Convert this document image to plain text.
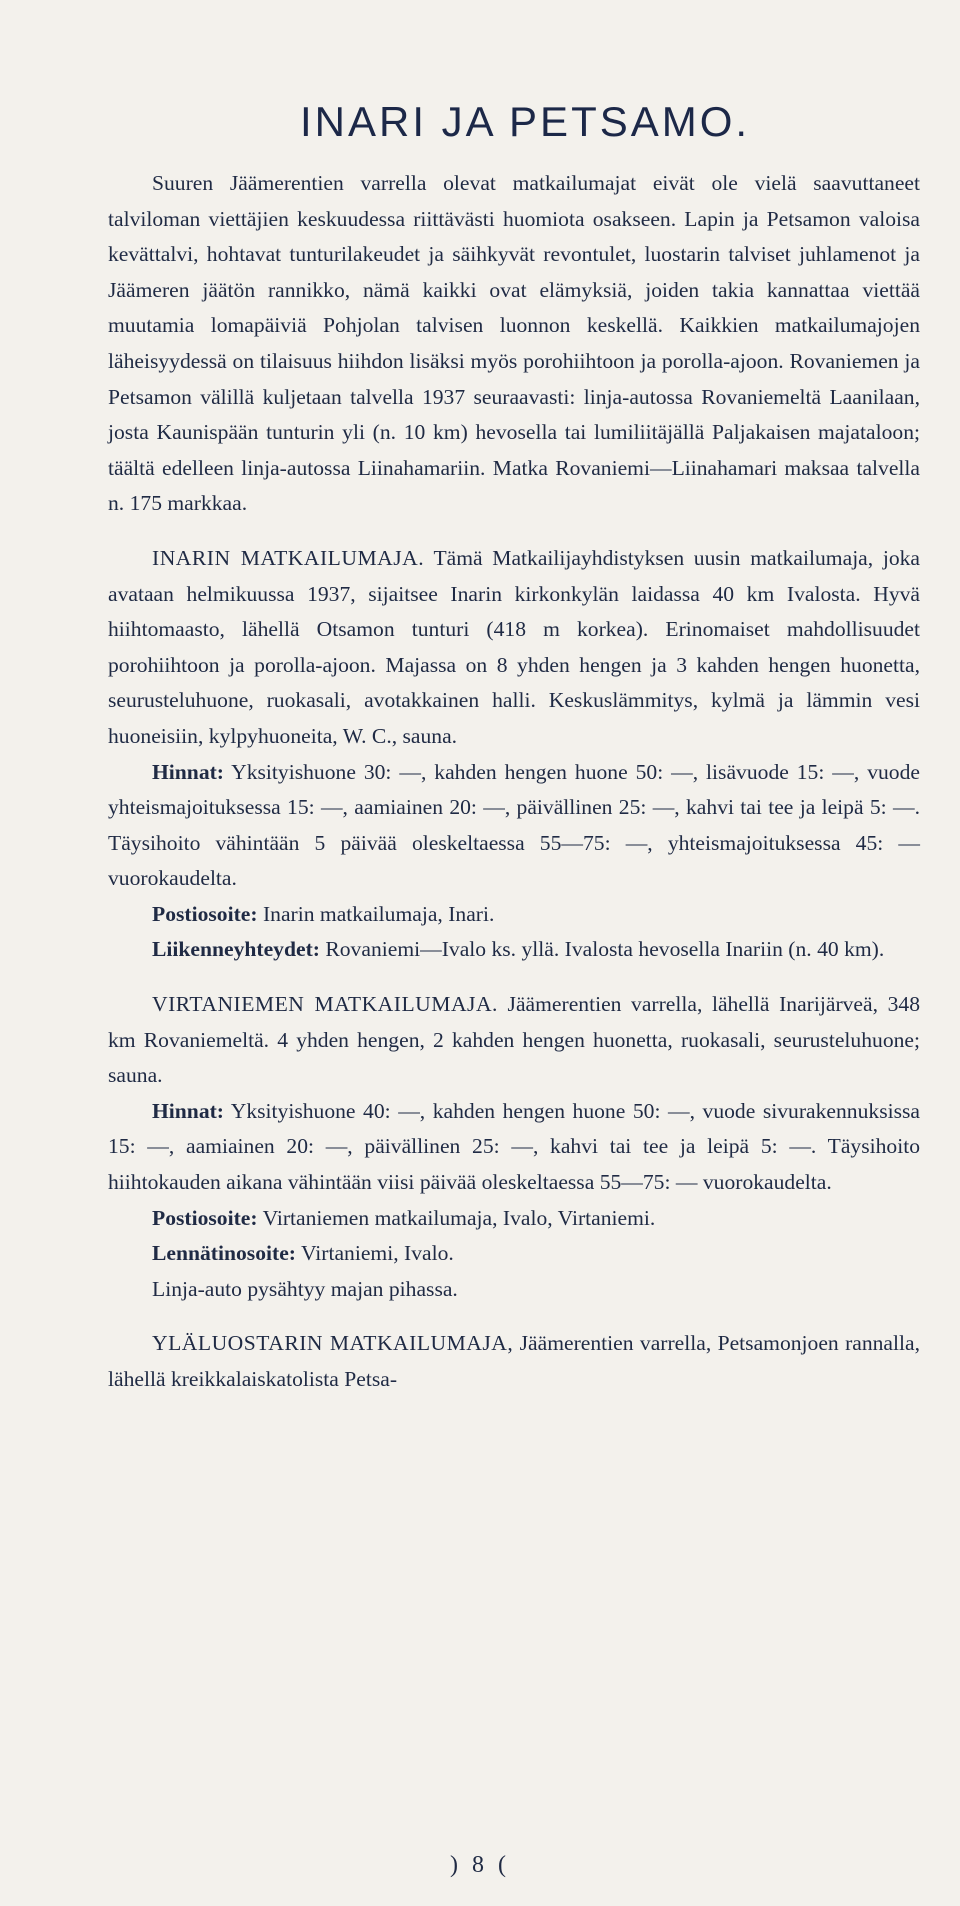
INARI JA PETSAMO.

Suuren Jäämerentien varrella olevat matkailumajat eivät ole vielä saavuttaneet talviloman viettäjien keskuudessa riittävästi huomiota osakseen. Lapin ja Petsamon valoisa kevättalvi, hohtavat tunturilakeudet ja säihkyvät revontulet, luostarin talviset juhlamenot ja Jäämeren jäätön rannikko, nämä kaikki ovat elämyksiä, joiden takia kannattaa viettää muutamia lomapäiviä Pohjolan talvisen luonnon keskellä. Kaikkien matkailumajojen läheisyydessä on tilaisuus hiihdon lisäksi myös porohiihtoon ja porolla-ajoon. Rovaniemen ja Petsamon välillä kuljetaan talvella 1937 seuraavasti: linja-autossa Rovaniemeltä Laanilaan, josta Kaunispään tunturin yli (n. 10 km) hevosella tai lumiliitäjällä Paljakaisen majataloon; täältä edelleen linja-autossa Liinahamariin. Matka Rovaniemi—Liinahamari maksaa talvella n. 175 markkaa.

INARIN MATKAILUMAJA. Tämä Matkailijayhdistyksen uusin matkailumaja, joka avataan helmikuussa 1937, sijaitsee Inarin kirkonkylän laidassa 40 km Ivalosta. Hyvä hiihtomaasto, lähellä Otsamon tunturi (418 m korkea). Erinomaiset mahdollisuudet porohiihtoon ja porolla-ajoon. Majassa on 8 yhden hengen ja 3 kahden hengen huonetta, seurusteluhuone, ruokasali, avotakkainen halli. Keskuslämmitys, kylmä ja lämmin vesi huoneisiin, kylpyhuoneita, W. C., sauna.

Hinnat: Yksityishuone 30: —, kahden hengen huone 50: —, lisävuode 15: —, vuode yhteismajoituksessa 15: —, aamiainen 20: —, päivällinen 25: —, kahvi tai tee ja leipä 5: —. Täysihoito vähintään 5 päivää oleskeltaessa 55—75: —, yhteismajoituksessa 45: — vuorokaudelta.

Postiosoite: Inarin matkailumaja, Inari.

Liikenneyhteydet: Rovaniemi—Ivalo ks. yllä. Ivalosta hevosella Inariin (n. 40 km).

VIRTANIEMEN MATKAILUMAJA. Jäämerentien varrella, lähellä Inarijärveä, 348 km Rovaniemeltä. 4 yhden hengen, 2 kahden hengen huonetta, ruokasali, seurusteluhuone; sauna.

Hinnat: Yksityishuone 40: —, kahden hengen huone 50: —, vuode sivurakennuksissa 15: —, aamiainen 20: —, päivällinen 25: —, kahvi tai tee ja leipä 5: —. Täysihoito hiihtokauden aikana vähintään viisi päivää oleskeltaessa 55—75: — vuorokaudelta.

Postiosoite: Virtaniemen matkailumaja, Ivalo, Virtaniemi.

Lennätinosoite: Virtaniemi, Ivalo.

Linja-auto pysähtyy majan pihassa.

YLÄLUOSTARIN MATKAILUMAJA, Jäämerentien varrella, Petsamonjoen rannalla, lähellä kreikkalaiskatolista Petsa-

) 8 (
